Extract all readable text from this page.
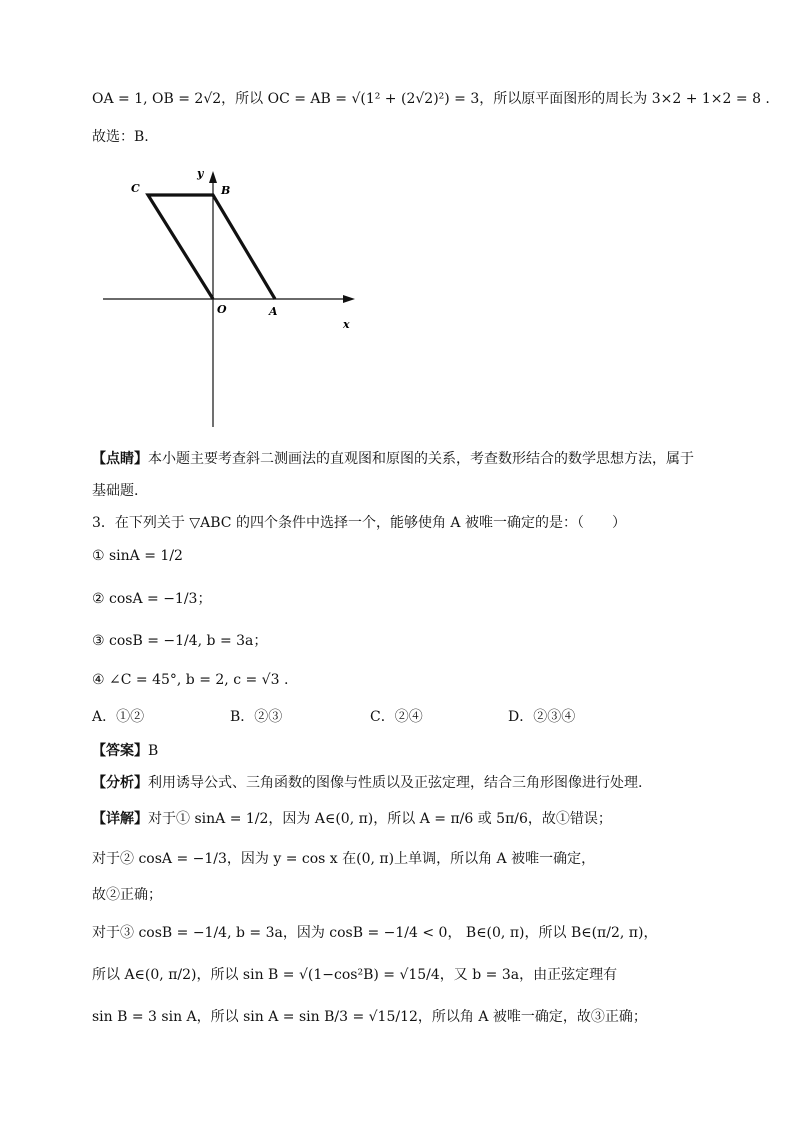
OA = 1, OB = 2√2，所以 OC = AB = √(1² + (2√2)²) = 3，所以原平面图形的周长为 3×2 + 1×2 = 8 .
故选：B.
C	B
O	A
x
y
【点睛】本小题主要考查斜二测画法的直观图和原图的关系，考查数形结合的数学思想方法，属于
基础题.
3．在下列关于 ▽ABC 的四个条件中选择一个，能够使角 A 被唯一确定的是：（　　）
① sinA = 1/2
② cosA = −1/3；
③ cosB = −1/4, b = 3a；
④ ∠C = 45°, b = 2, c = √3 .
A．①②	B．②③	C．②④	D．②③④
【答案】B
【分析】利用诱导公式、三角函数的图像与性质以及正弦定理，结合三角形图像进行处理.
【详解】对于① sinA = 1/2，因为 A∈(0, π)，所以 A = π/6 或 5π/6，故①错误；
对于② cosA = −1/3，因为 y = cos x 在(0, π)上单调，所以角 A 被唯一确定，
故②正确；
对于③ cosB = −1/4, b = 3a，因为 cosB = −1/4 < 0， B∈(0, π)，所以 B∈(π/2, π)，
所以 A∈(0, π/2)，所以 sin B = √(1−cos²B) = √15/4，又 b = 3a，由正弦定理有
sin B = 3 sin A，所以 sin A = sin B/3 = √15/12，所以角 A 被唯一确定，故③正确；
